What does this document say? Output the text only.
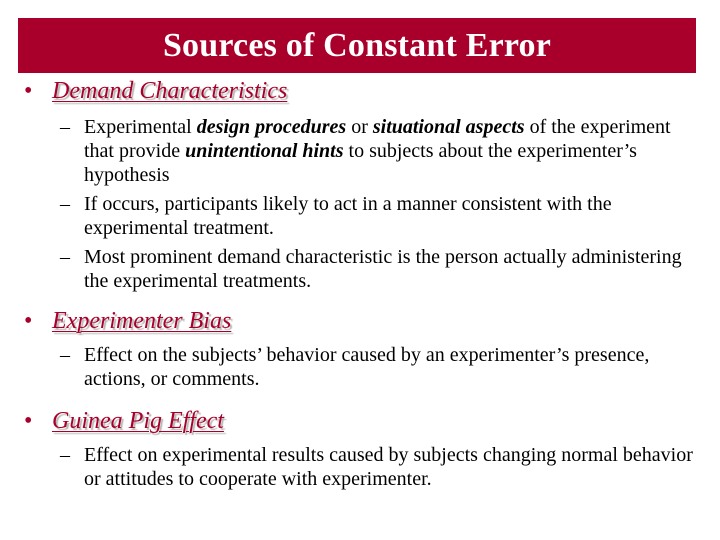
Sources of Constant Error
• Demand Characteristics
– Experimental design procedures or situational aspects of the experiment that provide unintentional hints to subjects about the experimenter’s hypothesis
– If occurs, participants likely to act in a manner consistent with the experimental treatment.
– Most prominent demand characteristic is the person actually administering the experimental treatments.
• Experimenter Bias
– Effect on the subjects’ behavior caused by an experimenter’s presence, actions, or comments.
• Guinea Pig Effect
– Effect on experimental results caused by subjects changing normal behavior or attitudes to cooperate with experimenter.
